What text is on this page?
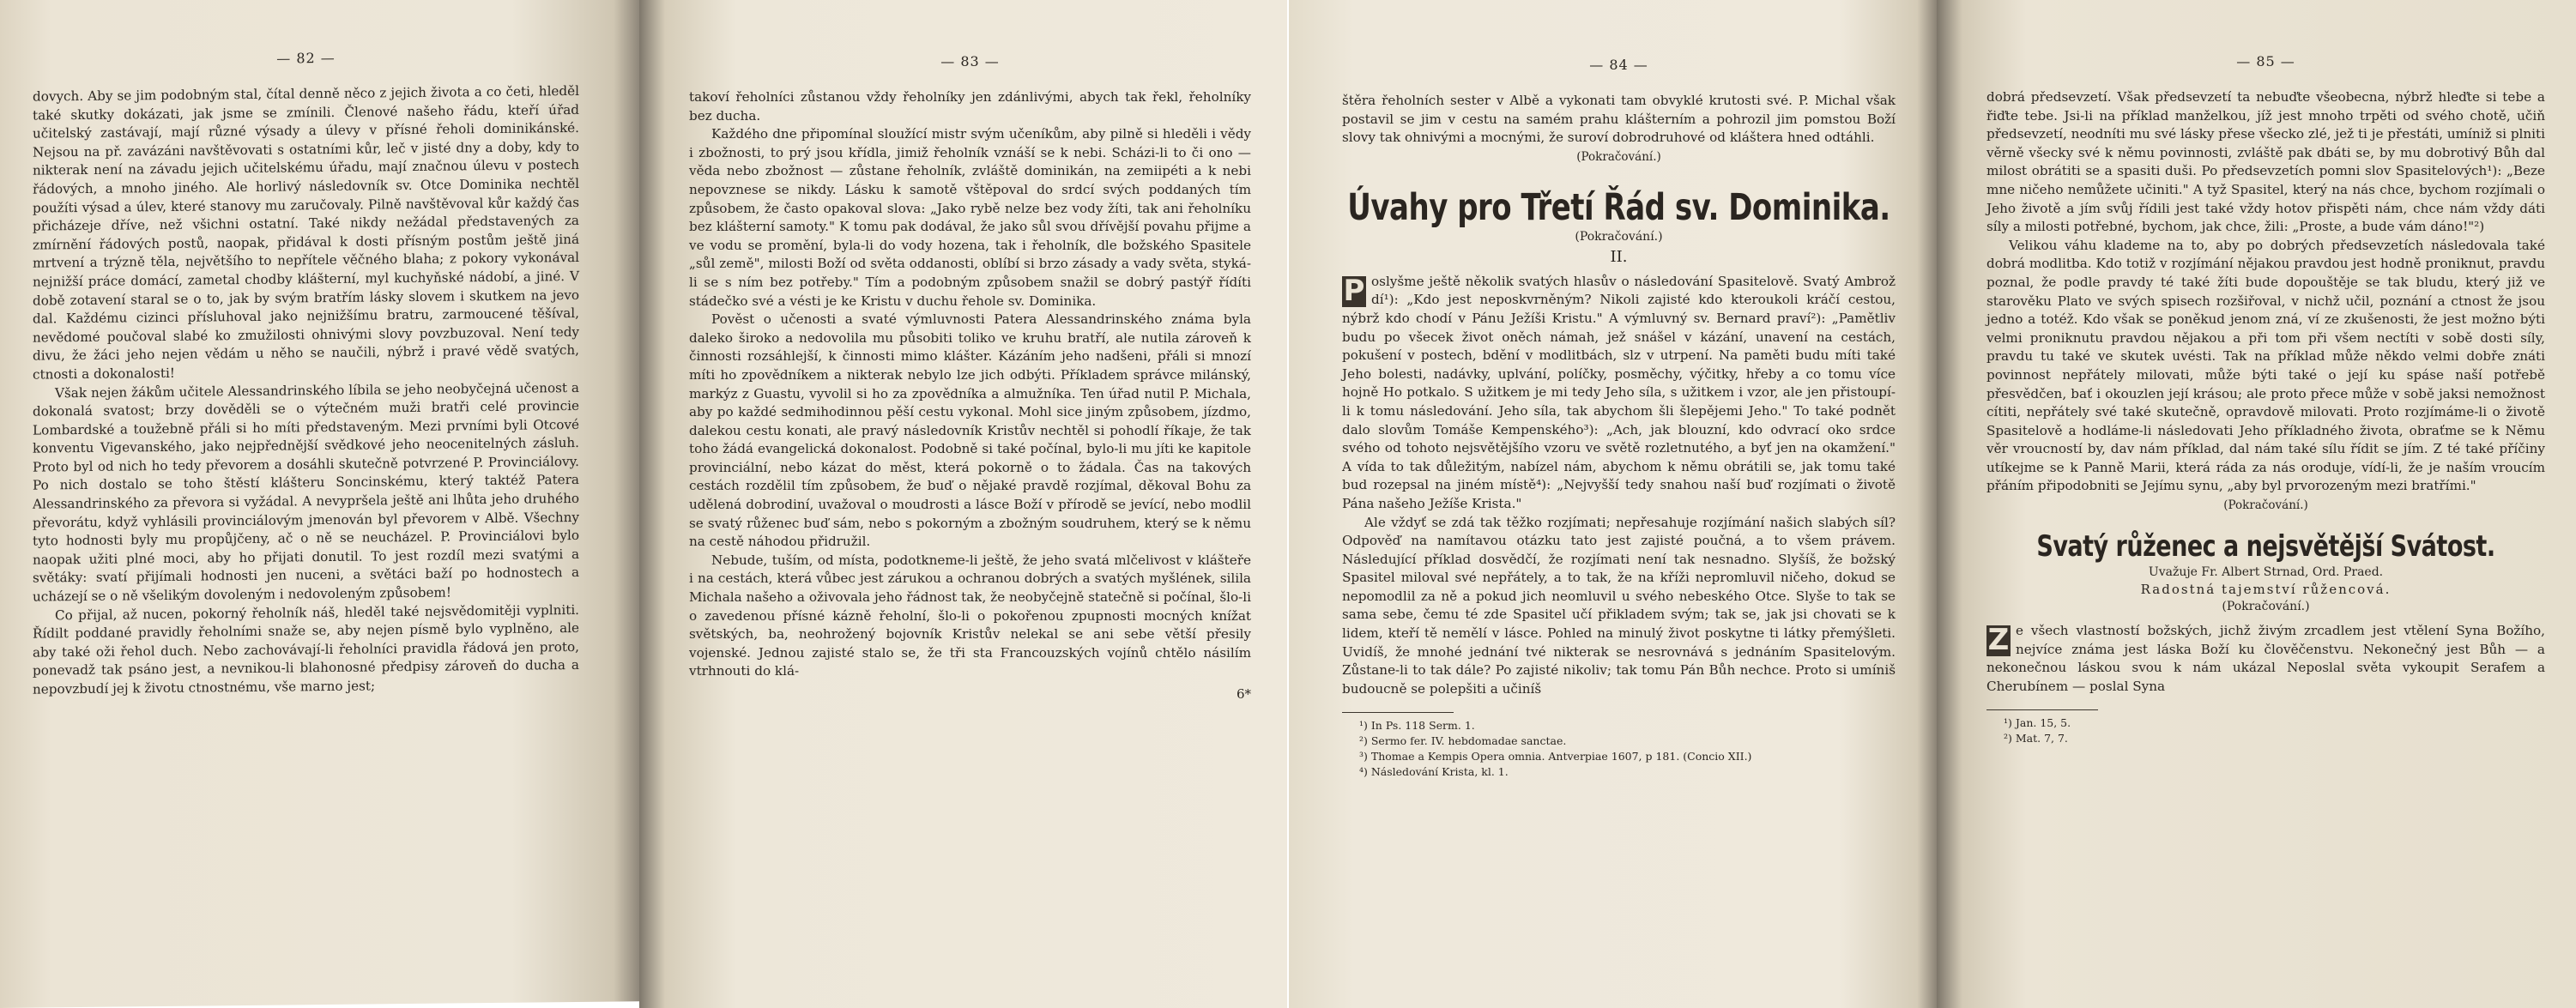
— 82 —

dovych. Aby se jim podobným stal, čítal denně něco z jejich života a co četi, hleděl také skutky dokázati, jak jsme se zmínili. Členové našeho řádu, kteří úřad učitelský zastávají, mají různé výsady a úlevy v přísné řeholi dominikánské. Nejsou na př. zavázáni navštěvovati s ostatními kůr, leč v jisté dny a doby, kdy to nikterak není na závadu jejich učitelskému úřadu, mají značnou úlevu v postech řádových, a mnoho jiného. Ale horlivý následovník sv. Otce Dominika nechtěl použíti výsad a úlev, které stanovy mu zaručovaly. Pilně navštěvoval kůr každý čas přicházeje dříve, než všichni ostatní. Také nikdy nežádal představených za zmírnění řádových postů, naopak, přidával k dosti přísným postům ještě jiná mrtvení a trýzně těla, největšího to nepřítele věčného blaha; z pokory vykonával nejnižší práce domácí, zametal chodby klášterní, myl kuchyňské nádobí, a jiné. V době zotavení staral se o to, jak by svým bratřím lásky slovem i skutkem na jevo dal. Každému cizinci přísluhoval jako nejnižšímu bratru, zarmoucené těšíval, nevědomé poučoval slabé ko zmužilosti ohnivými slovy povzbuzoval. Není tedy divu, že žáci jeho nejen vědám u něho se naučili, nýbrž i pravé vědě svatých, ctnosti a dokonalosti!

Však nejen žákům učitele Alessandrinského líbila se jeho neobyčejná učenost a dokonalá svatost; brzy dověděli se o výtečném muži bratři celé provincie Lombardské a toužebně přáli si ho míti představeným. Mezi prvními byli Otcové konventu Vigevanského, jako nejpřednější svědkové jeho neocenitelných zásluh. Proto byl od nich ho tedy převorem a dosáhli skutečně potvrzené P. Provinciálovy. Po nich dostalo se toho štěstí klášteru Soncinskému, který taktéž Patera Alessandrinského za převora si vyžádal. A nevypršela ještě ani lhůta jeho druhého převorátu, když vyhlásili provinciálovým jmenován byl převorem v Albě. Všechny tyto hodnosti byly mu propůjčeny, ač o ně se neucházel. P. Provinciálovi bylo naopak užiti plné moci, aby ho přijati donutil. To jest rozdíl mezi svatými a světáky: svatí přijímali hodnosti jen nuceni, a světáci baží po hodnostech a ucházejí se o ně všelikým dovoleným i nedovoleným způsobem!

Co přijal, až nucen, pokorný řeholník náš, hleděl také nejsvědomitěji vyplniti. Řídilt poddané pravidly řeholními snaže se, aby nejen písmě bylo vyplněno, ale aby také oži řehol duch. Nebo zachovávají-li řeholníci pravidla řádová jen proto, ponevadž tak psáno jest, a nevnikou-li blahonosné předpisy zároveň do ducha a nepovzbudí jej k životu ctnostnému, vše marno jest;

— 83 —

takoví řeholníci zůstanou vždy řeholníky jen zdánlivými, abych tak řekl, řeholníky bez ducha.

Každého dne připomínal sloužící mistr svým učeníkům, aby pilně si hleděli i vědy i zbožnosti, to prý jsou křídla, jimiž řeholník vznáší se k nebi. Scházi-li to či ono — věda nebo zbožnost — zůstane řeholník, zvláště dominikán, na zemiipéti a k nebi nepovznese se nikdy. Lásku k samotě vštěpoval do srdcí svých poddaných tím způsobem, že často opakoval slova: „Jako rybě nelze bez vody žíti, tak ani řeholníku bez klášterní samoty." K tomu pak dodával, že jako sůl svou dřívější povahu přijme a ve vodu se promění, byla-li do vody hozena, tak i řeholník, dle božského Spasitele „sůl země", milosti Boží od světa oddanosti, oblíbí si brzo zásady a vady světa, styká-li se s ním bez potřeby." Tím a podobným způsobem snažil se dobrý pastýř řídíti stádečko své a vésti je ke Kristu v duchu řehole sv. Dominika.

Pověst o učenosti a svaté výmluvnosti Patera Alessandrinského známa byla daleko široko a nedovolila mu působiti toliko ve kruhu bratří, ale nutila zároveň k činnosti rozsáhlejší, k činnosti mimo klášter. Kázáním jeho nadšeni, přáli si mnozí míti ho zpovědníkem a nikterak nebylo lze jich odbýti. Příkladem správce milánský, markýz z Guastu, vyvolil si ho za zpovědníka a almužníka. Ten úřad nutil P. Michala, aby po každé sedmihodinnou pěší cestu vykonal. Mohl sice jiným způsobem, jízdmo, dalekou cestu konati, ale pravý následovník Kristův nechtěl si pohodlí říkaje, že tak toho žádá evangelická dokonalost. Podobně si také počínal, bylo-li mu jíti ke kapitole provinciální, nebo kázat do měst, která pokorně o to žádala. Čas na takových cestách rozdělil tím způsobem, že buď o nějaké pravdě rozjímal, děkoval Bohu za udělená dobrodiní, uvažoval o moudrosti a lásce Boží v přírodě se jevící, nebo modlil se svatý růženec buď sám, nebo s pokorným a zbožným soudruhem, který se k němu na cestě náhodou přidružil.

Nebude, tuším, od místa, podotkneme-li ještě, že jeho svatá mlčelivost v klášteře i na cestách, která vůbec jest zárukou a ochranou dobrých a svatých myšlének, silila Michala našeho a oživovala jeho řádnost tak, že neobyčejně statečně si počínal, šlo-li o zavedenou přísné kázně řeholní, šlo-li o pokořenou zpupnosti mocných knížat světských, ba, neohrožený bojovník Kristův nelekal se ani sebe větší přesily vojenské. Jednou zajisté stalo se, že tři sta Francouzských vojínů chtělo násilím vtrhnouti do klá-

6*
— 84 —

štěra řeholních sester v Albě a vykonati tam obvyklé krutosti své. P. Michal však postavil se jim v cestu na samém prahu klášterním a pohrozil jim pomstou Boží slovy tak ohnivými a mocnými, že suroví dobrodruhové od kláštera hned odtáhli.

(Pokračování.)
Úvahy pro Třetí Řád sv. Dominika.
(Pokračování.)
II.

P oslyšme ještě několik svatých hlasův o následování Spasitelově. Svatý Ambrož dí¹): „Kdo jest neposkvrněným? Nikoli zajisté kdo kteroukoli kráčí cestou, nýbrž kdo chodí v Pánu Ježíši Kristu." A výmluvný sv. Bernard praví²): „Pamětliv budu po všecek život oněch námah, jež snášel v kázání, unavení na cestách, pokušení v postech, bdění v modlitbách, slz v utrpení. Na paměti budu míti také Jeho bolesti, nadávky, uplvání, políčky, posměchy, výčitky, hřeby a co tomu více hojně Ho potkalo. S užitkem je mi tedy Jeho síla, s užitkem i vzor, ale jen přistoupí-li k tomu následování. Jeho síla, tak abychom šli šlepějemi Jeho." To také podnět dalo slovům Tomáše Kempenského³): „Ach, jak blouzní, kdo odvrací oko srdce svého od tohoto nejsvětějšího vzoru ve světě rozletnutého, a byť jen na okamžení." A vída to tak důležitým, nabízel nám, abychom k němu obrátili se, jak tomu také bud rozepsal na jiném místě⁴): „Nejvyšší tedy snahou naší buď rozjímati o životě Pána našeho Ježíše Krista."

Ale vždyť se zdá tak těžko rozjímati; nepřesahuje rozjímání našich slabých síl? Odpověď na namítavou otázku tato jest zajisté poučná, a to všem právem. Následující příklad dosvědčí, že rozjímati není tak nesnadno. Slyšíš, že božský Spasitel miloval své nepřátely, a to tak, že na kříži nepromluvil ničeho, dokud se nepomodlil za ně a pokud jich neomluvil u svého nebeského Otce. Slyše to tak se sama sebe, čemu té zde Spasitel učí přikladem svým; tak se, jak jsi chovati se k lidem, kteří tě nemělí v lásce. Pohled na minulý život poskytne ti látky přemýšleti. Uvidíš, že mnohé jednání tvé nikterak se nesrovnává s jednáním Spasitelovým. Zůstane-li to tak dále? Po zajisté nikoliv; tak tomu Pán Bůh nechce. Proto si umíniš budoucně se polepšiti a učiníš

¹) In Ps. 118 Serm. 1.
²) Sermo fer. IV. hebdomadae sanctae.
³) Thomae a Kempis Opera omnia. Antverpiae 1607, p 181. (Concio XII.)
⁴) Následování Krista, kl. 1.
— 85 —

dobrá předsevzetí. Však předsevzetí ta nebuďte všeobecna, nýbrž hleďte si tebe a řiďte tebe. Jsi-li na příklad manželkou, jíž jest mnoho trpěti od svého chotě, učiň předsevzetí, neodníti mu své lásky přese všecko zlé, jež ti je přestáti, umíniž si plniti věrně všecky své k němu povinnosti, zvláště pak dbáti se, by mu dobrotivý Bůh dal milost obrátiti se a spasiti duši. Po předsevzetích pomni slov Spasitelových¹): „Beze mne ničeho nemůžete učiniti." A tyž Spasitel, který na nás chce, bychom rozjímali o Jeho životě a jím svůj řídili jest také vždy hotov přispěti nám, chce nám vždy dáti síly a milosti potřebné, bychom, jak chce, žili: „Proste, a bude vám dáno!"²)

Velikou váhu klademe na to, aby po dobrých předsevzetích následovala také dobrá modlitba. Kdo totiž v rozjímání nějakou pravdou jest hodně proniknut, pravdu poznal, že podle pravdy té také žíti bude dopouštěje se tak bludu, který již ve starověku Plato ve svých spisech rozšiřoval, v nichž učil, poznání a ctnost že jsou jedno a totéž. Kdo však se poněkud jenom zná, ví ze zkušenosti, že jest možno býti velmi proniknutu pravdou nějakou a při tom při všem nectíti v sobě dosti síly, pravdu tu také ve skutek uvésti. Tak na příklad může někdo velmi dobře znáti povinnost nepřátely milovati, může býti také o její ku spáse naší potřebě přesvědčen, bať i okouzlen její krásou; ale proto přece může v sobě jaksi nemožnost cítiti, nepřátely své také skutečně, opravdově milovati. Proto rozjímáme-li o životě Spasitelově a hodláme-li následovati Jeho příkladného života, obraťme se k Němu věr vroucností by, dav nám příklad, dal nám také sílu řídit se jím. Z té také příčiny utíkejme se k Panně Marii, která ráda za nás oroduje, vídí-li, že je naším vroucím přáním připodobniti se Jejímu synu, „aby byl prvorozeným mezi bratřími."

(Pokračování.)
Svatý růženec a nejsvětější Svátost.
Uvažuje Fr. Albert Strnad, Ord. Praed.
Radostná tajemství růžencová.
(Pokračování.)

Z e všech vlastností božských, jichž živým zrcadlem jest vtělení Syna Božího, nejvíce známa jest láska Boží ku člověčenstvu. Nekonečný jest Bůh — a nekonečnou láskou svou k nám ukázal Neposlal světa vykoupit Serafem a Cherubínem — poslal Syna

¹) Jan. 15, 5.
²) Mat. 7, 7.
